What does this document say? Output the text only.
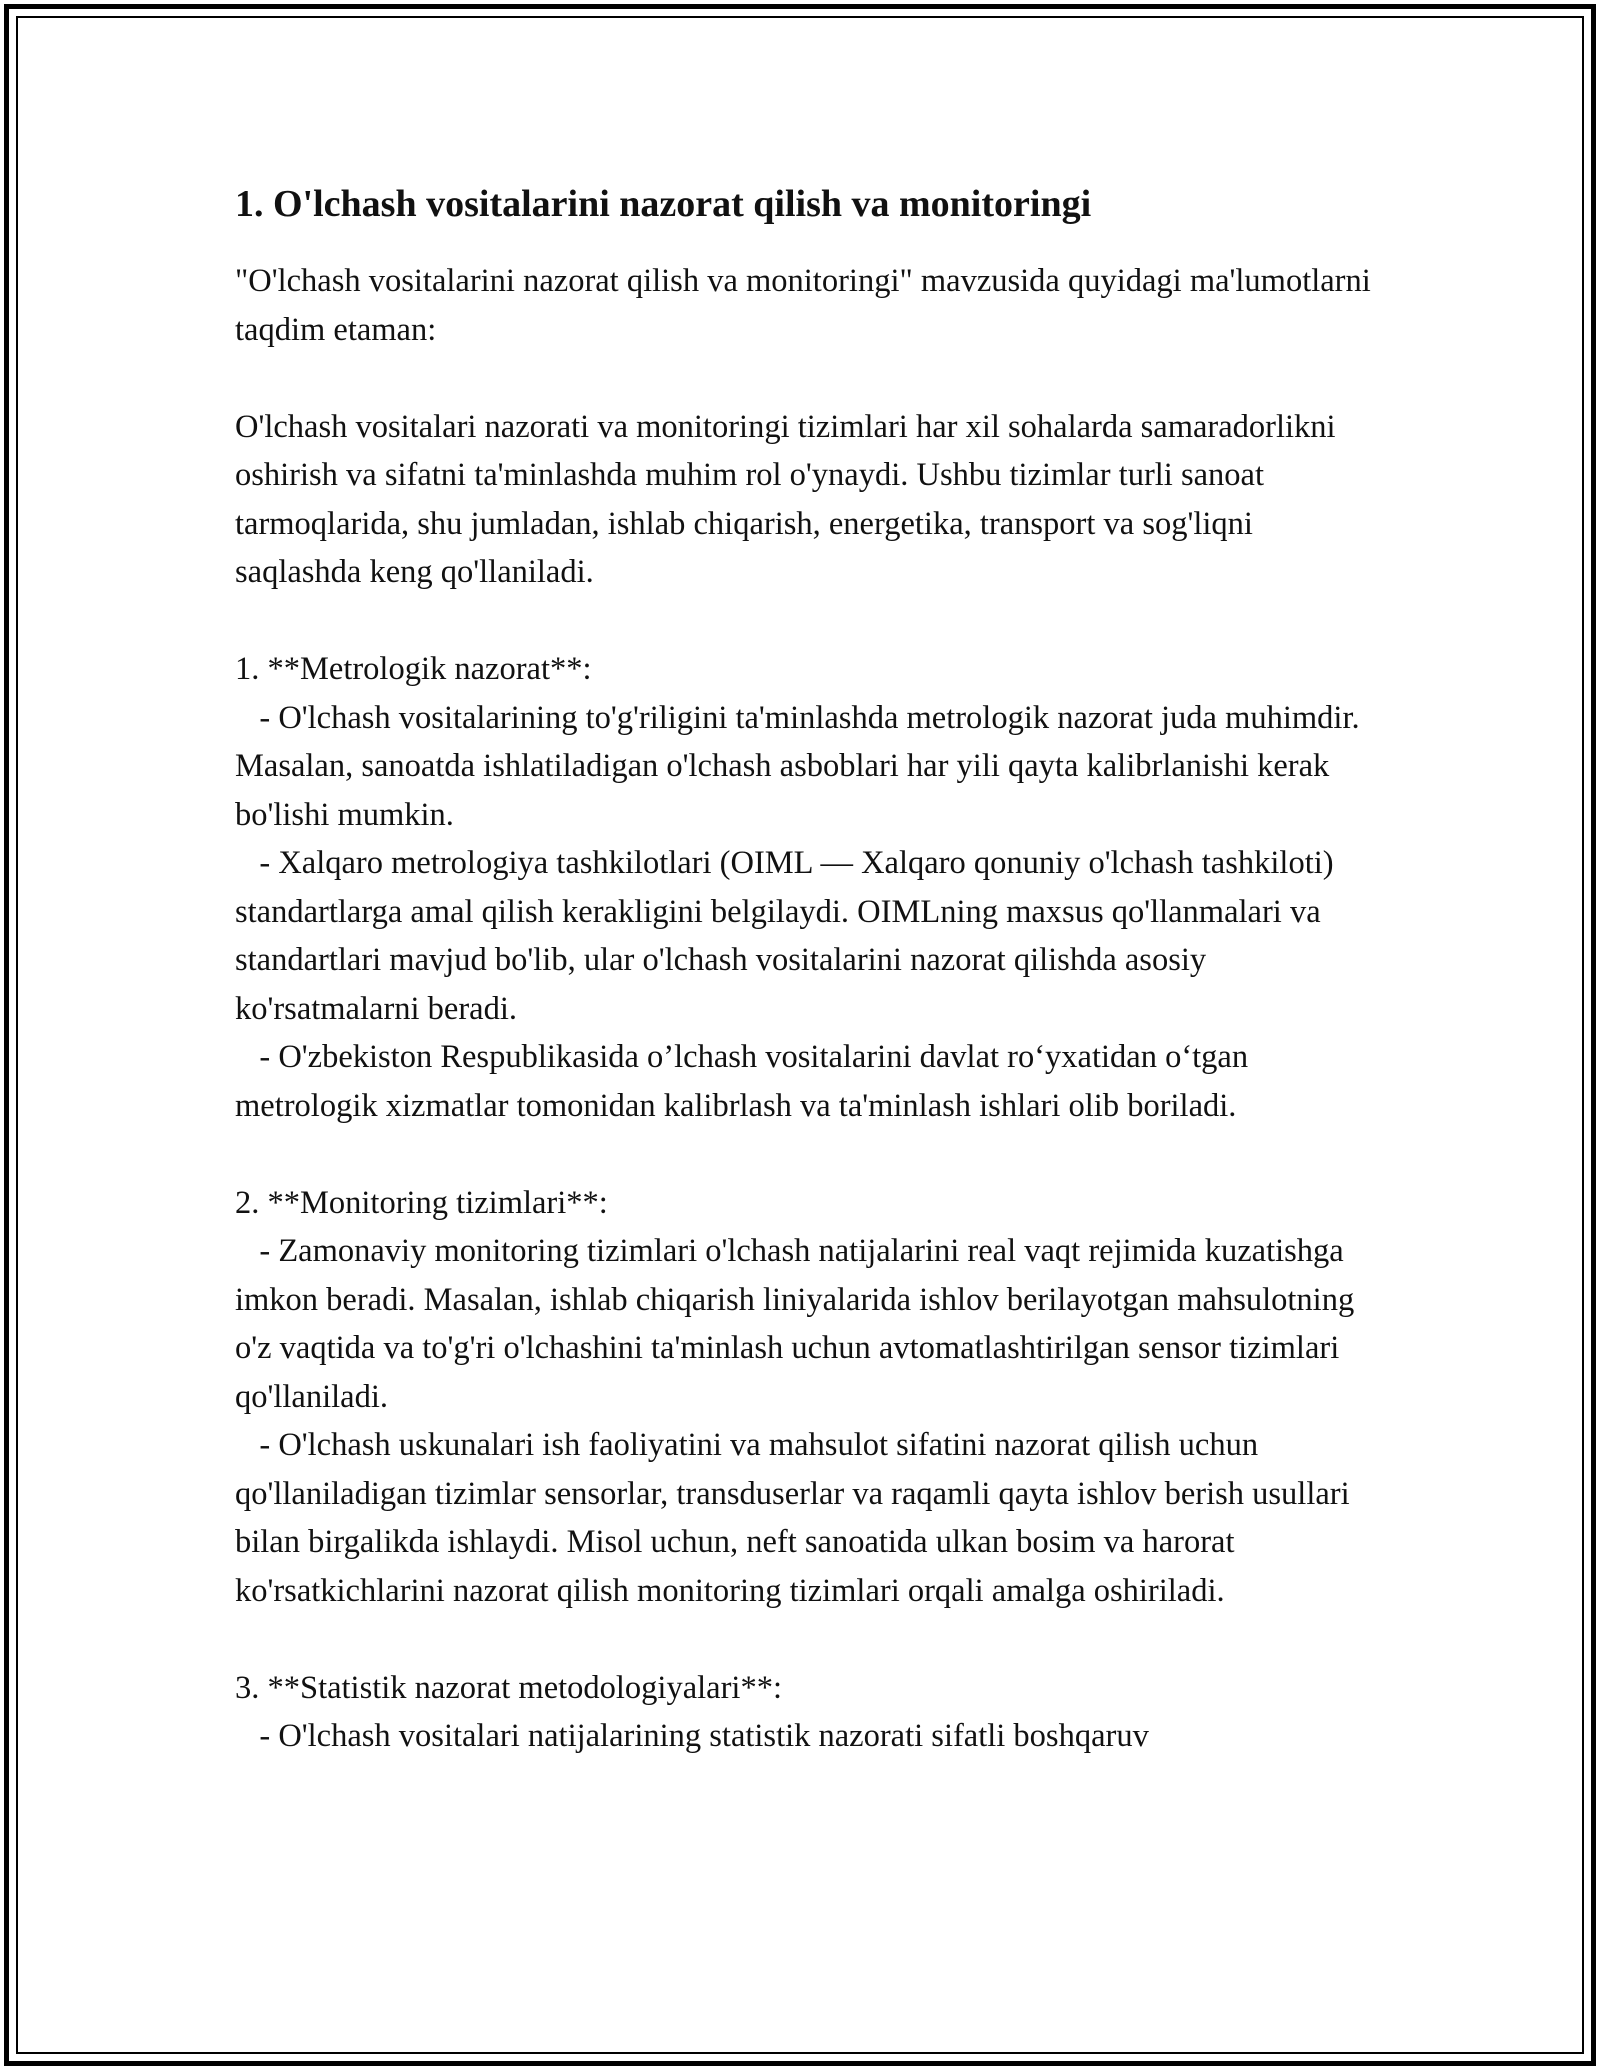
1. O'lchash vositalarini nazorat qilish va monitoringi

"O'lchash vositalarini nazorat qilish va monitoringi" mavzusida quyidagi ma'lumotlarni taqdim etaman:

O'lchash vositalari nazorati va monitoringi tizimlari har xil sohalarda samaradorlikni oshirish va sifatni ta'minlashda muhim rol o'ynaydi. Ushbu tizimlar turli sanoat tarmoqlarida, shu jumladan, ishlab chiqarish, energetika, transport va sog'liqni saqlashda keng qo'llaniladi.

1. **Metrologik nazorat**:

- O'lchash vositalarining to'g'riligini ta'minlashda metrologik nazorat juda muhimdir. Masalan, sanoatda ishlatiladigan o'lchash asboblari har yili qayta kalibrlanishi kerak bo'lishi mumkin.

- Xalqaro metrologiya tashkilotlari (OIML — Xalqaro qonuniy o'lchash tashkiloti) standartlarga amal qilish kerakligini belgilaydi. OIMLning maxsus qo'llanmalari va standartlari mavjud bo'lib, ular o'lchash vositalarini nazorat qilishda asosiy ko'rsatmalarni beradi.

- O'zbekiston Respublikasida o’lchash vositalarini davlat ro‘yxatidan o‘tgan metrologik xizmatlar tomonidan kalibrlash va ta'minlash ishlari olib boriladi.

2. **Monitoring tizimlari**:

- Zamonaviy monitoring tizimlari o'lchash natijalarini real vaqt rejimida kuzatishga imkon beradi. Masalan, ishlab chiqarish liniyalarida ishlov berilayotgan mahsulotning o'z vaqtida va to'g'ri o'lchashini ta'minlash uchun avtomatlashtirilgan sensor tizimlari qo'llaniladi.

- O'lchash uskunalari ish faoliyatini va mahsulot sifatini nazorat qilish uchun qo'llaniladigan tizimlar sensorlar, transduserlar va raqamli qayta ishlov berish usullari bilan birgalikda ishlaydi. Misol uchun, neft sanoatida ulkan bosim va harorat ko'rsatkichlarini nazorat qilish monitoring tizimlari orqali amalga oshiriladi.

3. **Statistik nazorat metodologiyalari**:

- O'lchash vositalari natijalarining statistik nazorati sifatli boshqaruv
